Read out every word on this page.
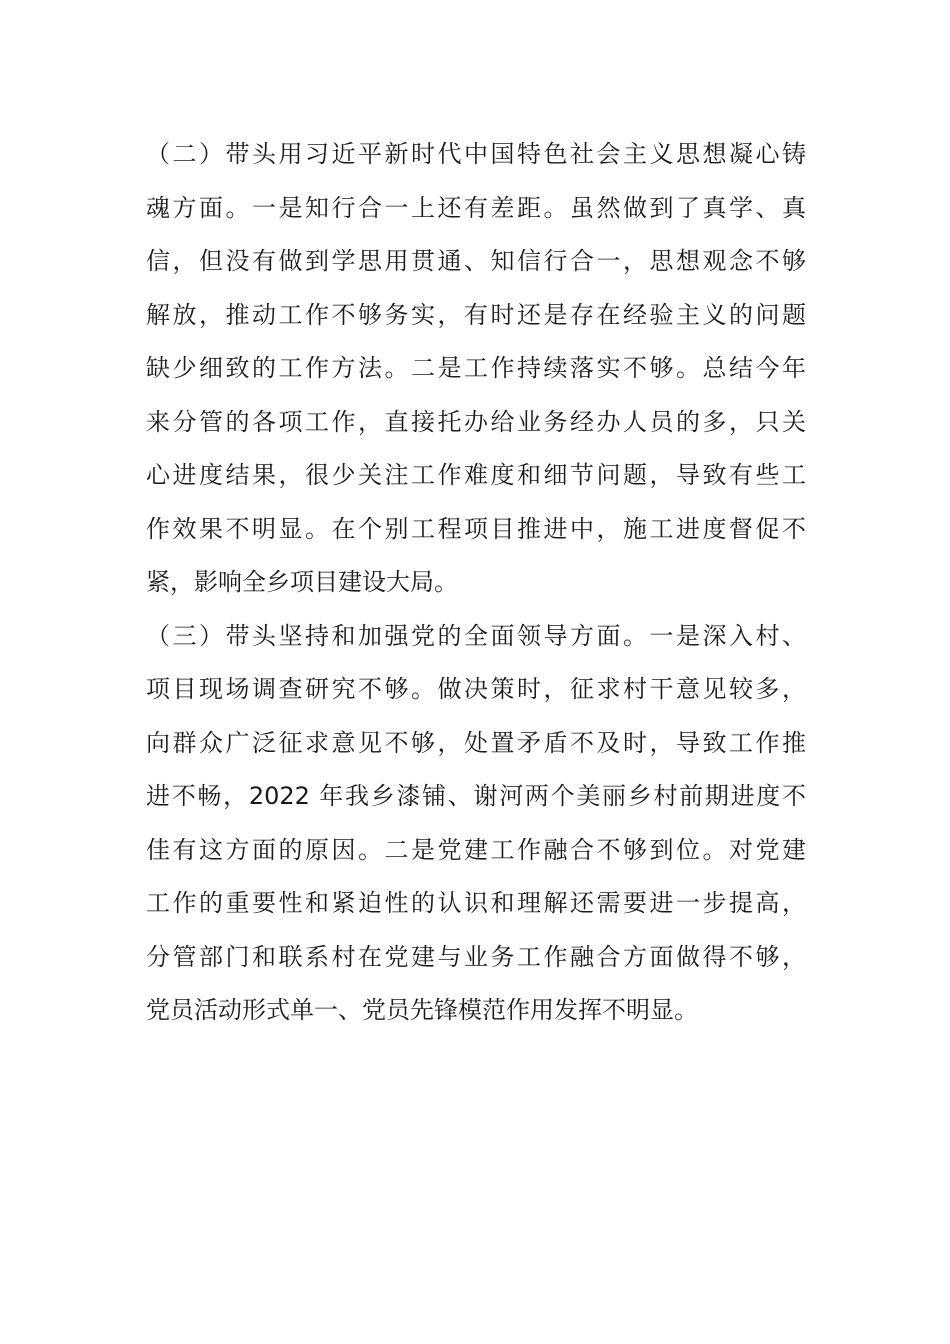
（二）带头用习近平新时代中国特色社会主义思想凝心铸
魂方面。一是知行合一上还有差距。虽然做到了真学、真
信，但没有做到学思用贯通、知信行合一，思想观念不够
解放，推动工作不够务实，有时还是存在经验主义的问题
缺少细致的工作方法。二是工作持续落实不够。总结今年
来分管的各项工作，直接托办给业务经办人员的多，只关
心进度结果，很少关注工作难度和细节问题，导致有些工
作效果不明显。在个别工程项目推进中，施工进度督促不
紧，影响全乡项目建设大局。
（三）带头坚持和加强党的全面领导方面。一是深入村、
项目现场调查研究不够。做决策时，征求村干意见较多，
向群众广泛征求意见不够，处置矛盾不及时，导致工作推
进不畅，2022 年我乡漆铺、谢河两个美丽乡村前期进度不
佳有这方面的原因。二是党建工作融合不够到位。对党建
工作的重要性和紧迫性的认识和理解还需要进一步提高，
分管部门和联系村在党建与业务工作融合方面做得不够，
党员活动形式单一、党员先锋模范作用发挥不明显。
